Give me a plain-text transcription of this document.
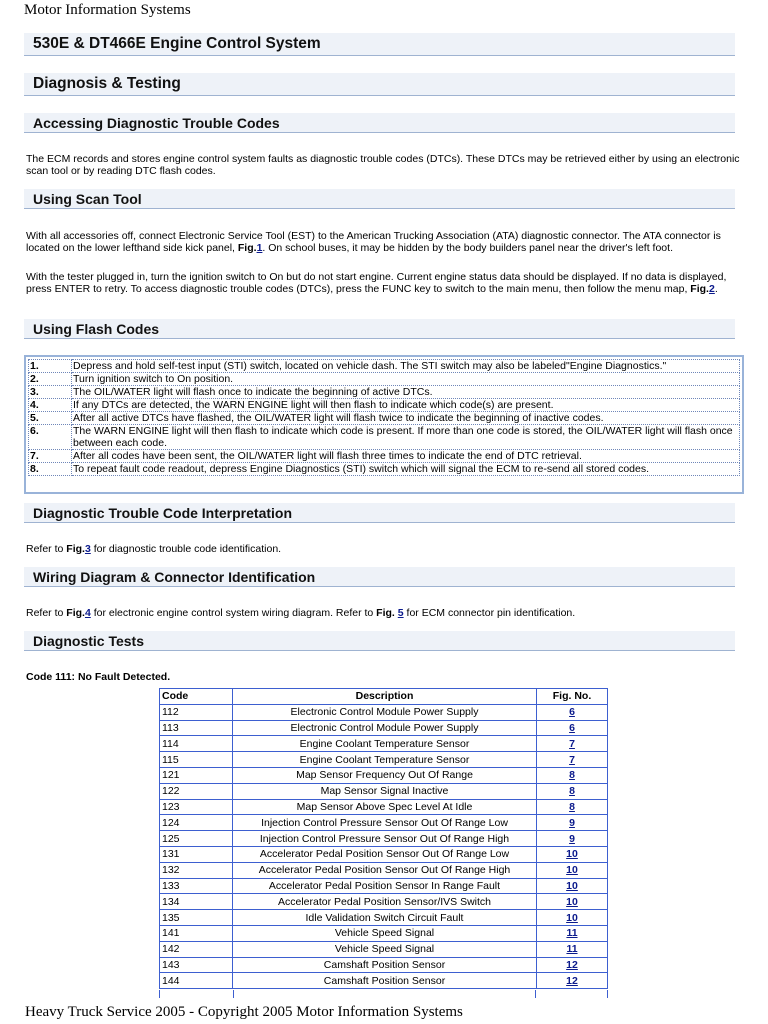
Motor Information Systems
530E & DT466E Engine Control System
Diagnosis & Testing
Accessing Diagnostic Trouble Codes

The ECM records and stores engine control system faults as diagnostic trouble codes (DTCs). These DTCs may be retrieved either by using an electronic scan tool or by reading DTC flash codes.

Using Scan Tool

With all accessories off, connect Electronic Service Tool (EST) to the American Trucking Association (ATA) diagnostic connector. The ATA connector is located on the lower lefthand side kick panel, Fig.1. On school buses, it may be hidden by the body builders panel near the driver's left foot.

With the tester plugged in, turn the ignition switch to On but do not start engine. Current engine status data should be displayed. If no data is displayed, press ENTER to retry. To access diagnostic trouble codes (DTCs), press the FUNC key to switch to the main menu, then follow the menu map, Fig.2.

Using Flash Codes
1.	Depress and hold self-test input (STI) switch, located on vehicle dash. The STI switch may also be labeled"Engine Diagnostics."
2.	Turn ignition switch to On position.
3.	The OIL/WATER light will flash once to indicate the beginning of active DTCs.
4.	If any DTCs are detected, the WARN ENGINE light will then flash to indicate which code(s) are present.
5.	After all active DTCs have flashed, the OIL/WATER light will flash twice to indicate the beginning of inactive codes.
6.	The WARN ENGINE light will then flash to indicate which code is present. If more than one code is stored, the OIL/WATER light will flash once between each code.
7.	After all codes have been sent, the OIL/WATER light will flash three times to indicate the end of DTC retrieval.
8.	To repeat fault code readout, depress Engine Diagnostics (STI) switch which will signal the ECM to re-send all stored codes.
Diagnostic Trouble Code Interpretation

Refer to Fig.3 for diagnostic trouble code identification.

Wiring Diagram & Connector Identification

Refer to Fig.4 for electronic engine control system wiring diagram. Refer to Fig. 5 for ECM connector pin identification.

Diagnostic Tests
Code 111: No Fault Detected.
Code	Description	Fig. No.
112	Electronic Control Module Power Supply	6
113	Electronic Control Module Power Supply	6
114	Engine Coolant Temperature Sensor	7
115	Engine Coolant Temperature Sensor	7
121	Map Sensor Frequency Out Of Range	8
122	Map Sensor Signal Inactive	8
123	Map Sensor Above Spec Level At Idle	8
124	Injection Control Pressure Sensor Out Of Range Low	9
125	Injection Control Pressure Sensor Out Of Range High	9
131	Accelerator Pedal Position Sensor Out Of Range Low	10
132	Accelerator Pedal Position Sensor Out Of Range High	10
133	Accelerator Pedal Position Sensor In Range Fault	10
134	Accelerator Pedal Position Sensor/IVS Switch	10
135	Idle Validation Switch Circuit Fault	10
141	Vehicle Speed Signal	11
142	Vehicle Speed Signal	11
143	Camshaft Position Sensor	12
144	Camshaft Position Sensor	12
Heavy Truck Service 2005 - Copyright 2005 Motor Information Systems
